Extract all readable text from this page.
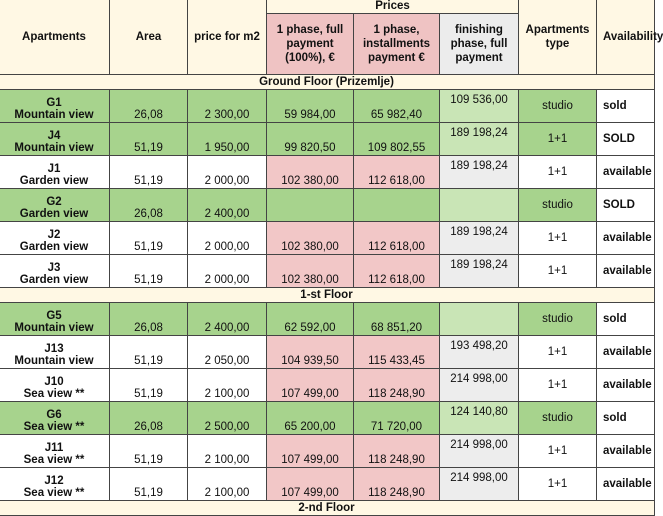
Apartments	Area	price for m2	Prices			Apartments type	Availability
			1 phase, full payment (100%), €	1 phase, installments payment €	finishing phase, full payment		
Ground Floor (Prizemlje)							

G1
Mountain view	26,08	2 300,00	59 984,00	65 982,40	109 536,00	studio	sold

J4
Mountain view	51,19	1 950,00	99 820,50	109 802,55	189 198,24	1+1	SOLD

J1
Garden view	51,19	2 000,00	102 380,00	112 618,00	189 198,24	1+1	available

G2
Garden view	26,08	2 400,00				studio	SOLD

J2
Garden view	51,19	2 000,00	102 380,00	112 618,00	189 198,24	1+1	available

J3
Garden view	51,19	2 000,00	102 380,00	112 618,00	189 198,24	1+1	available
1-st Floor							

G5
Mountain view	26,08	2 400,00	62 592,00	68 851,20		studio	sold

J13
Mountain view	51,19	2 050,00	104 939,50	115 433,45	193 498,20	1+1	available

J10
Sea view **	51,19	2 100,00	107 499,00	118 248,90	214 998,00	1+1	available

G6
Sea view **	26,08	2 500,00	65 200,00	71 720,00	124 140,80	studio	sold

J11
Sea view **	51,19	2 100,00	107 499,00	118 248,90	214 998,00	1+1	available

J12
Sea view **	51,19	2 100,00	107 499,00	118 248,90	214 998,00	1+1	available
2-nd Floor							
